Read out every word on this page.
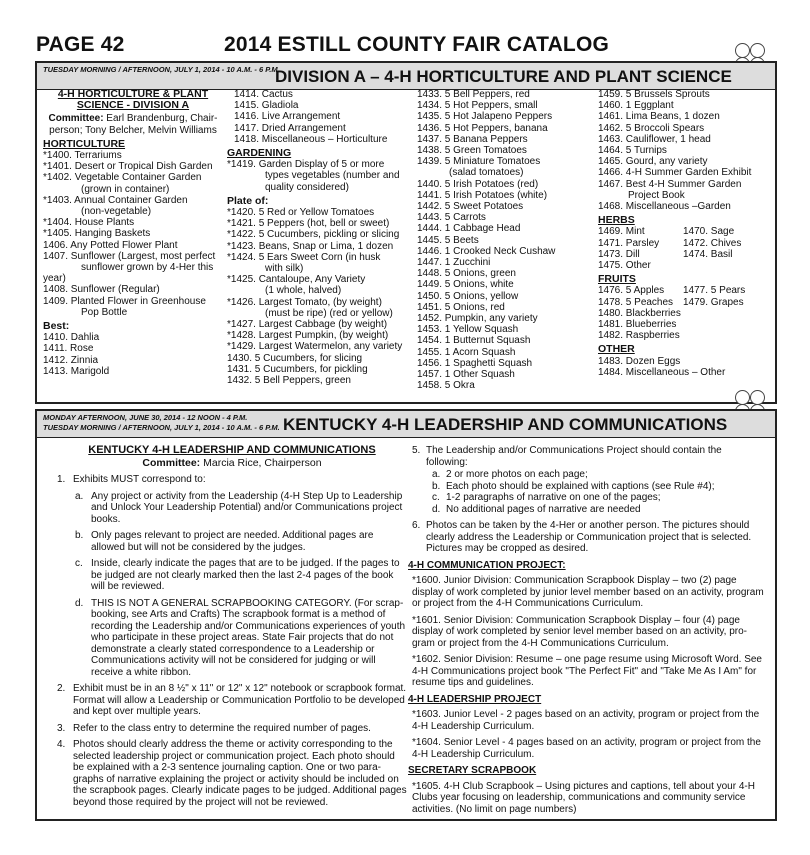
PAGE 42	2014 ESTILL COUNTY FAIR CATALOG
TUESDAY MORNING / AFTERNOON, JULY 1, 2014 - 10 A.M. - 6 P.M.
DIVISION A – 4-H HORTICULTURE AND PLANT SCIENCE
4-H HORTICULTURE & PLANT
SCIENCE - DIVISION A
Committee: Earl Brandenburg, Chair-
person; Tony Belcher, Melvin Williams
HORTICULTURE
*1400. Terrariums
*1401. Desert or Tropical Dish Garden
*1402. Vegetable Container Garden
(grown in container)
*1403. Annual Container Garden
(non-vegetable)
*1404. House Plants
*1405. Hanging Baskets
1406. Any Potted Flower Plant
1407. Sunflower (Largest, most perfect
sunflower grown by 4-Her this
year)
1408. Sunflower (Regular)
1409. Planted Flower in Greenhouse
Pop Bottle
Best:
1410. Dahlia
1411. Rose
1412. Zinnia
1413. Marigold
1414. Cactus
1415. Gladiola
1416. Live Arrangement
1417. Dried Arrangement
1418. Miscellaneous – Horticulture
GARDENING
*1419. Garden Display of 5 or more
types vegetables (number and
quality considered)
Plate of:
*1420. 5 Red or Yellow Tomatoes
*1421. 5 Peppers (hot, bell or sweet)
*1422. 5 Cucumbers, pickling or slicing
*1423. Beans, Snap or Lima, 1 dozen
*1424. 5 Ears Sweet Corn (in husk
with silk)
*1425. Cantaloupe, Any Variety
(1 whole, halved)
*1426. Largest Tomato, (by weight)
(must be ripe) (red or yellow)
*1427. Largest Cabbage (by weight)
*1428. Largest Pumpkin, (by weight)
*1429. Largest Watermelon, any variety
1430. 5 Cucumbers, for slicing
1431. 5 Cucumbers, for pickling
1432. 5 Bell Peppers, green
1433. 5 Bell Peppers, red
1434. 5 Hot Peppers, small
1435. 5 Hot Jalapeno Peppers
1436. 5 Hot Peppers, banana
1437. 5 Banana Peppers
1438. 5 Green Tomatoes
1439. 5 Miniature Tomatoes
(salad tomatoes)
1440. 5 Irish Potatoes (red)
1441. 5 Irish Potatoes (white)
1442. 5 Sweet Potatoes
1443. 5 Carrots
1444. 1 Cabbage Head
1445. 5 Beets
1446. 1 Crooked Neck Cushaw
1447. 1 Zucchini
1448. 5 Onions, green
1449. 5 Onions, white
1450. 5 Onions, yellow
1451. 5 Onions, red
1452. Pumpkin, any variety
1453. 1 Yellow Squash
1454. 1 Butternut Squash
1455. 1 Acorn Squash
1456. 1 Spaghetti Squash
1457. 1 Other Squash
1458. 5 Okra
1459. 5 Brussels Sprouts
1460. 1 Eggplant
1461. Lima Beans, 1 dozen
1462. 5 Broccoli Spears
1463. Cauliflower, 1 head
1464. 5 Turnips
1465. Gourd, any variety
1466. 4-H Summer Garden Exhibit
1467. Best 4-H Summer Garden
Project Book
1468. Miscellaneous –Garden
HERBS
1469. Mint	1470. Sage
1471. Parsley	1472. Chives
1473. Dill	1474. Basil
1475. Other
FRUITS
1476. 5 Apples	1477. 5 Pears
1478. 5 Peaches 1479. Grapes
1480. Blackberries
1481. Blueberries
1482. Raspberries
OTHER
1483. Dozen Eggs
1484. Miscellaneous – Other
MONDAY AFTERNOON, JUNE 30, 2014 - 12 NOON - 4 P.M.
TUESDAY MORNING / AFTERNOON, JULY 1, 2014 - 10 A.M. - 6 P.M. KENTUCKY 4-H LEADERSHIP AND COMMUNICATIONS
KENTUCKY 4-H LEADERSHIP AND COMMUNICATIONS
Committee: Marcia Rice, Chairperson
1. Exhibits MUST correspond to:
a. Any project or activity from the Leadership (4-H Step Up to Leadership and Unlock Your Leadership Potential) and/or Communications project books.
b. Only pages relevant to project are needed. Additional pages are allowed but will not be considered by the judges.
c. Inside, clearly indicate the pages that are to be judged. If the pages to be judged are not clearly marked then the last 2-4 pages of the book will be reviewed.
d. THIS IS NOT A GENERAL SCRAPBOOKING CATEGORY. (For scrap-booking, see Arts and Crafts) The scrapbook format is a method of recording the Leadership and/or Communications experiences of youth who participate in these project areas. State Fair projects that do not demonstrate a clearly stated correspondence to a Leadership or Communications activity will not be considered for judging or will receive a white ribbon.
2. Exhibit must be in an 8 ½" x 11" or 12" x 12" notebook or scrapbook format. Format will allow a Leadership or Communication Portfolio to be developed and kept over multiple years.
3. Refer to the class entry to determine the required number of pages.
4. Photos should clearly address the theme or activity corresponding to the selected leadership project or communication project. Each photo should be explained with a 2-3 sentence journaling caption. One or two para-graphs of narrative explaining the project or activity should be included on the scrapbook pages. Clearly indicate pages to be judged. Additional pages beyond those required by the project will not be reviewed.
5. The Leadership and/or Communications Project should contain the following:
a. 2 or more photos on each page;
b. Each photo should be explained with captions (see Rule #4);
c. 1-2 paragraphs of narrative on one of the pages;
d. No additional pages of narrative are needed
6. Photos can be taken by the 4-Her or another person. The pictures should clearly address the Leadership or Communication project that is selected. Pictures may be cropped as desired.
4-H COMMUNICATION PROJECT:

*1600. Junior Division: Communication Scrapbook Display – two (2) page display of work completed by junior level member based on an activity, program or project from the 4-H Communications Curriculum.

*1601. Senior Division: Communication Scrapbook Display – four (4) page display of work completed by senior level member based on an activity, pro-gram or project from the 4-H Communications Curriculum.

*1602. Senior Division: Resume – one page resume using Microsoft Word. See 4-H Communications project book "The Perfect Fit" and "Take Me As I Am" for resume tips and guidelines.

4-H LEADERSHIP PROJECT

*1603. Junior Level - 2 pages based on an activity, program or project from the 4-H Leadership Curriculum.

*1604. Senior Level - 4 pages based on an activity, program or project from the 4-H Leadership Curriculum.

SECRETARY SCRAPBOOK

*1605. 4-H Club Scrapbook – Using pictures and captions, tell about your 4-H Clubs year focusing on leadership, communications and community service activities. (No limit on page numbers)
